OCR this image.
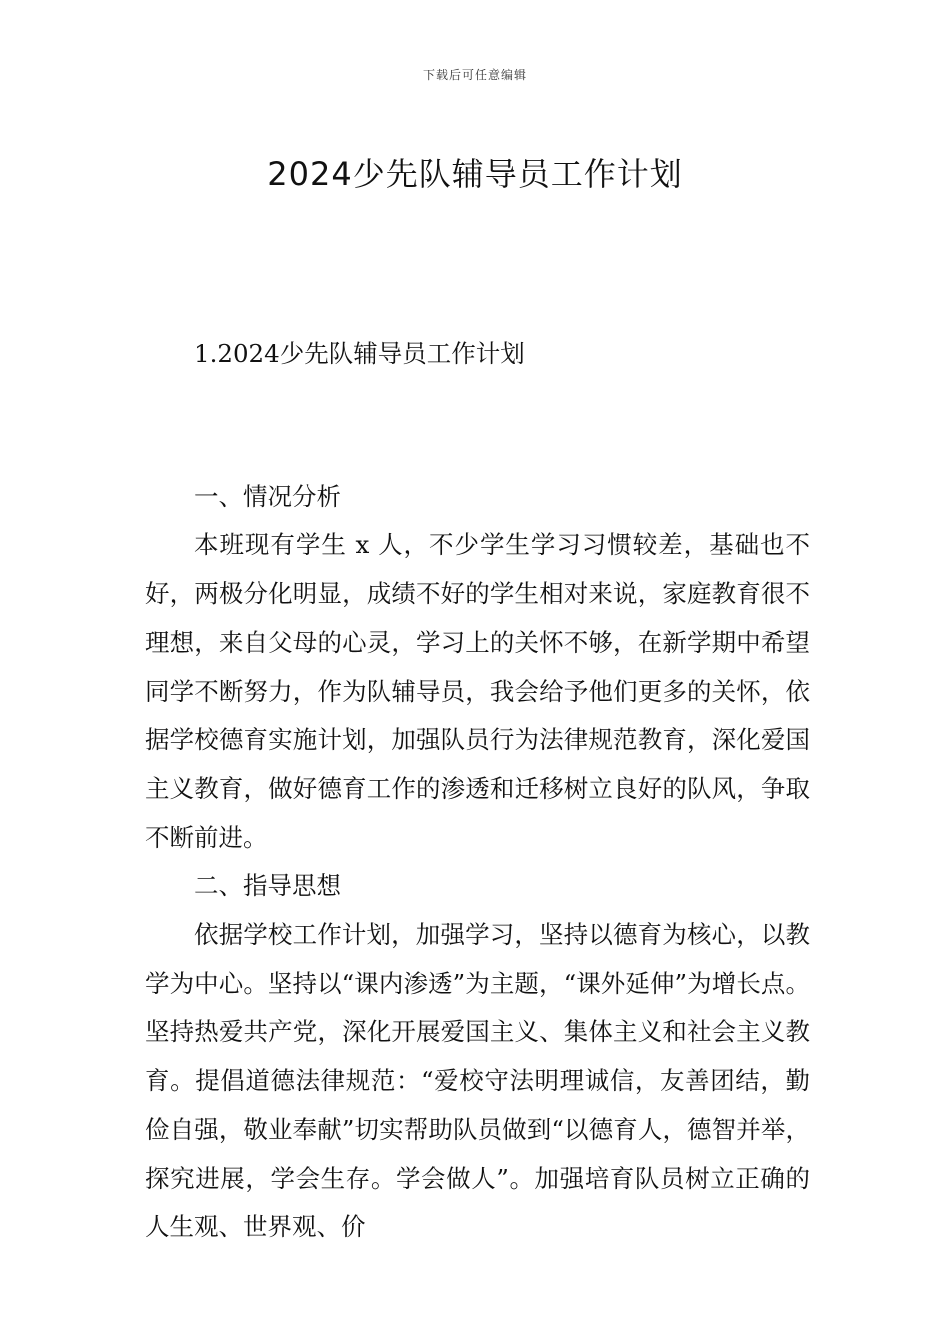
下载后可任意编辑
2024少先队辅导员工作计划

1.2024少先队辅导员工作计划

一、情况分析

本班现有学生 x 人，不少学生学习习惯较差，基础也不好，两极分化明显，成绩不好的学生相对来说，家庭教育很不理想，来自父母的心灵，学习上的关怀不够，在新学期中希望同学不断努力，作为队辅导员，我会给予他们更多的关怀，依据学校德育实施计划，加强队员行为法律规范教育，深化爱国主义教育，做好德育工作的渗透和迁移树立良好的队风，争取不断前进。

二、指导思想

依据学校工作计划，加强学习，坚持以德育为核心，以教学为中心。坚持以“课内渗透”为主题，“课外延伸”为增长点。坚持热爱共产党，深化开展爱国主义、集体主义和社会主义教育。提倡道德法律规范：“爱校守法明理诚信，友善团结，勤俭自强，敬业奉献”切实帮助队员做到“以德育人，德智并举，探究进展，学会生存。学会做人”。加强培育队员树立正确的人生观、世界观、价
